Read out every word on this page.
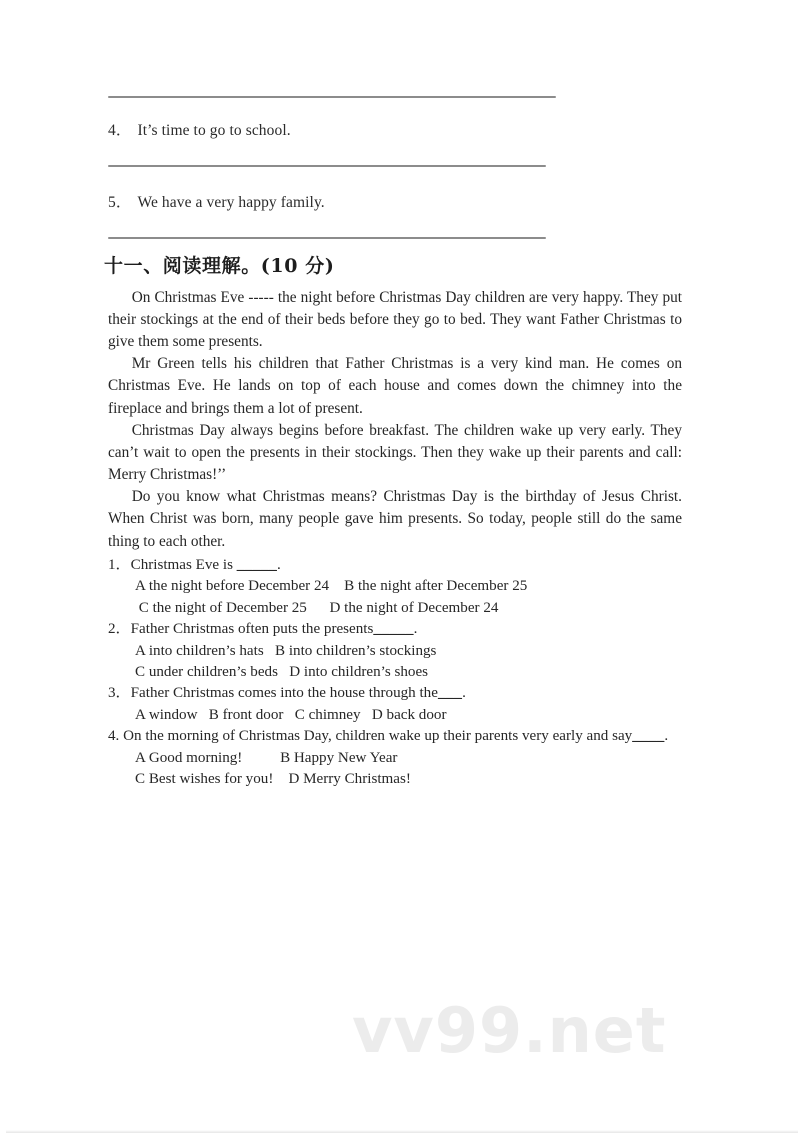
4． It’s time to go to school.
5． We have a very happy family.
十一、阅读理解。(10 分)

On Christmas Eve ----- the night before Christmas Day children are very happy. They put their stockings at the end of their beds before they go to bed. They want Father Christmas to give them some presents.

Mr Green tells his children that Father Christmas is a very kind man. He comes on Christmas Eve. He lands on top of each house and comes down the chimney into the fireplace and brings them a lot of present.

Christmas Day always begins before breakfast. The children wake up very early. They can’t wait to open the presents in their stockings. Then they wake up their parents and call: Merry Christmas!’’

Do you know what Christmas means? Christmas Day is the birthday of Jesus Christ. When Christ was born, many people gave him presents. So today, people still do the same thing to each other.

1．Christmas Eve is _____.
A the night before December 24    B the night after December 25
C the night of December 25      D the night of December 24
2．Father Christmas often puts the presents_____.
A into children’s hats   B into children’s stockings
C under children’s beds   D into children’s shoes
3．Father Christmas comes into the house through the___.
A window   B front door   C chimney   D back door
4. On the morning of Christmas Day, children wake up their parents very early and say____.
A Good morning!          B Happy New Year
C Best wishes for you!    D Merry Christmas!
vv99.net
